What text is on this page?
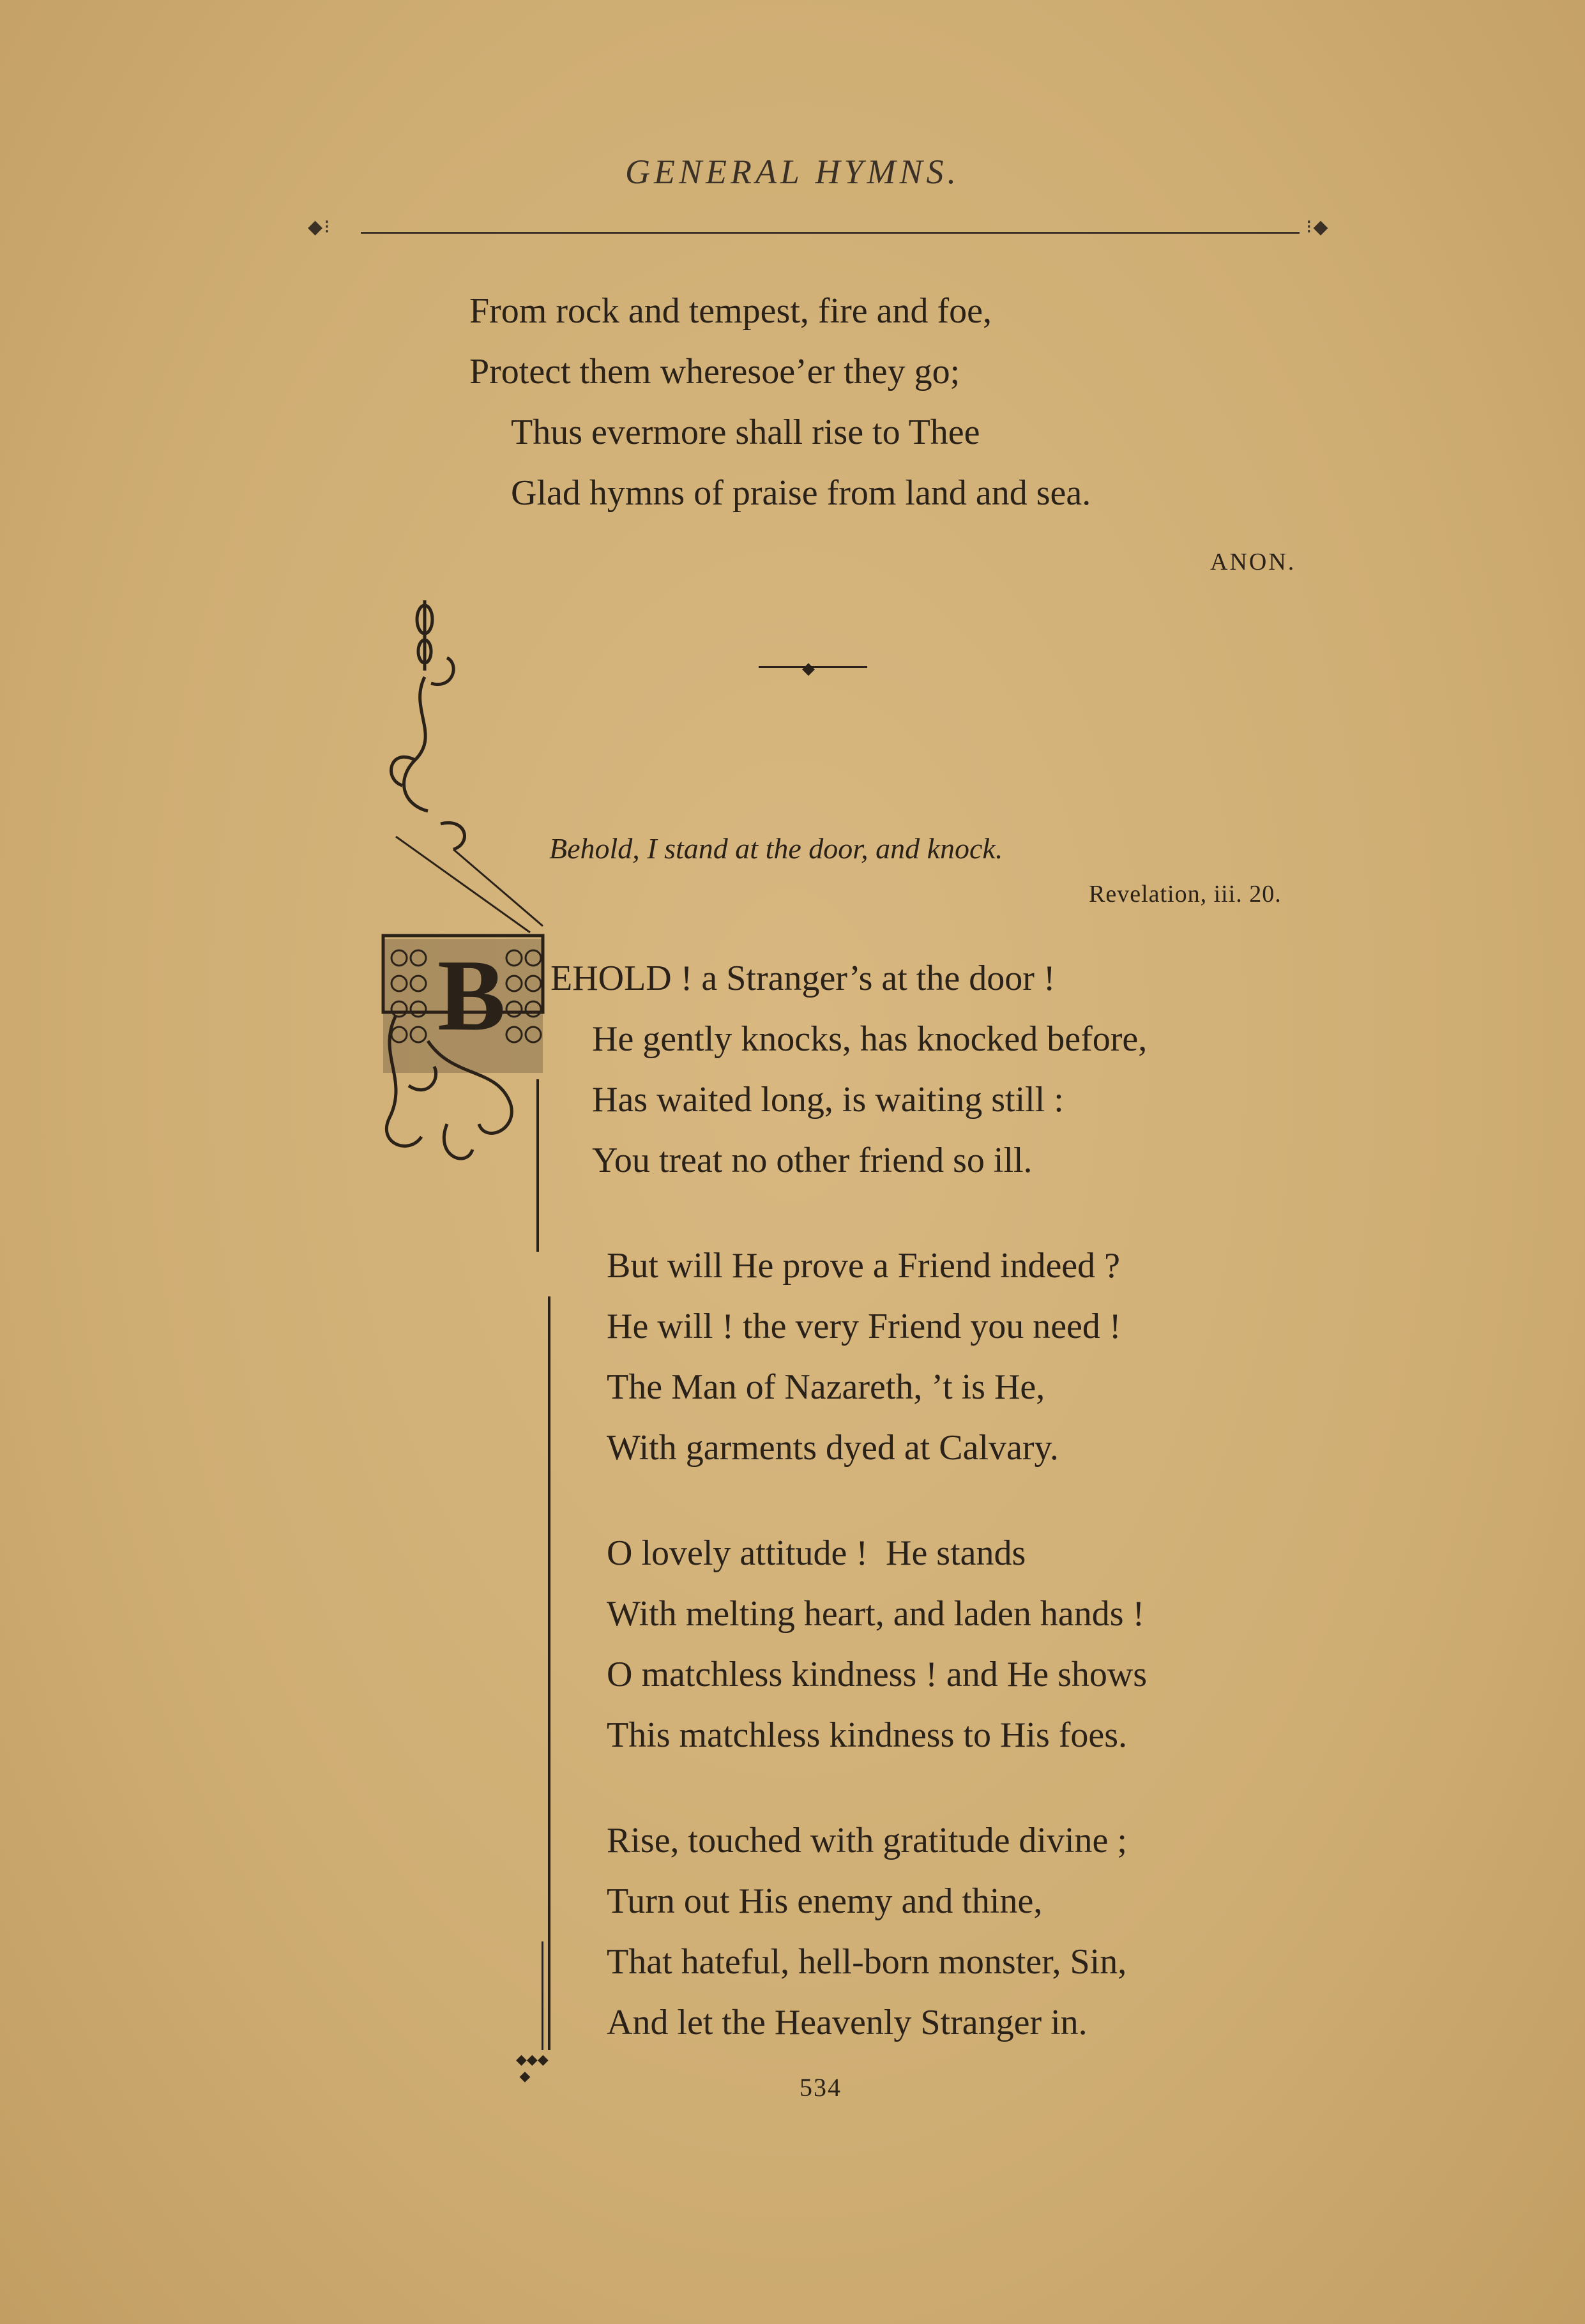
GENERAL HYMNS.
◆⁝	⁝◆
From rock and tempest, fire and foe,
Protect them wheresoe’er they go;
Thus evermore shall rise to Thee
Glad hymns of praise from land and sea.
ANON.
◆
B
◆◆◆
◆
Behold, I stand at the door, and knock.
Revelation, iii. 20.
EHOLD ! a Stranger’s at the door !
He gently knocks, has knocked before,
Has waited long, is waiting still :
You treat no other friend so ill.
But will He prove a Friend indeed ?
He will ! the very Friend you need !
The Man of Nazareth, ’t is He,
With garments dyed at Calvary.
O lovely attitude !  He stands
With melting heart, and laden hands !
O matchless kindness ! and He shows
This matchless kindness to His foes.
Rise, touched with gratitude divine ;
Turn out His enemy and thine,
That hateful, hell-born monster, Sin,
And let the Heavenly Stranger in.
534
